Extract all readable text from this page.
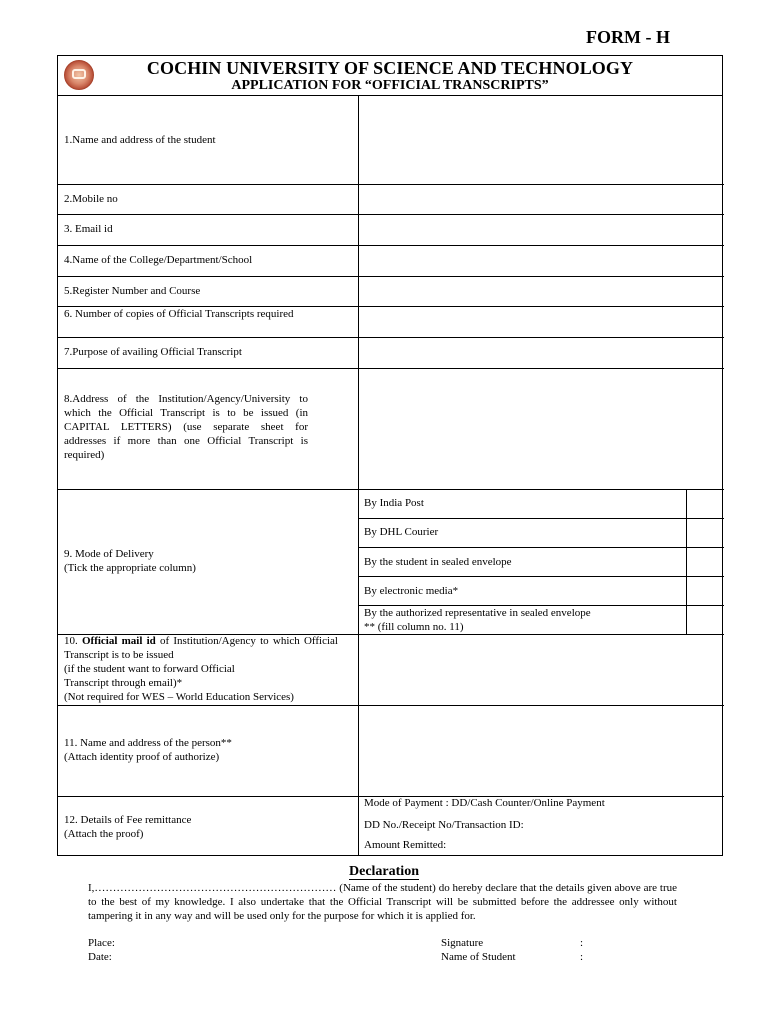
FORM - H
COCHIN UNIVERSITY OF SCIENCE AND TECHNOLOGY
APPLICATION FOR “OFFICIAL TRANSCRIPTS”
1.Name and address of the student
2.Mobile no
3. Email id
4.Name of the College/Department/School
5.Register Number and Course
6. Number of copies of Official Transcripts required
7.Purpose of availing Official Transcript
8.Address of the Institution/Agency/University to which the Official Transcript is to be issued (in CAPITAL LETTERS) (use separate sheet for addresses if more than one Official Transcript is required)
9. Mode of Delivery
(Tick the appropriate column)
10. Official mail id of Institution/Agency to which Official Transcript is to be issued
(if the student want to forward Official
Transcript through email)*
(Not required for WES – World Education Services)
11. Name and address of the person**
(Attach identity proof of authorize)
12. Details of Fee remittance
(Attach the proof)
By India Post
By DHL Courier
By the student in sealed envelope
By electronic media*
By the authorized representative in sealed envelope
** (fill column no. 11)
Mode of Payment : DD/Cash Counter/Online Payment
DD No./Receipt No/Transaction ID:
Amount Remitted:
Declaration
I,………………………………………………………… (Name of the student) do hereby declare that the details given above are true to the best of my knowledge. I also undertake that the Official Transcript will be submitted before the addressee only without tampering it in any way and will be used only for the purpose for which it is applied for.
Place:
Date:
Signature
Name of Student
:
:
